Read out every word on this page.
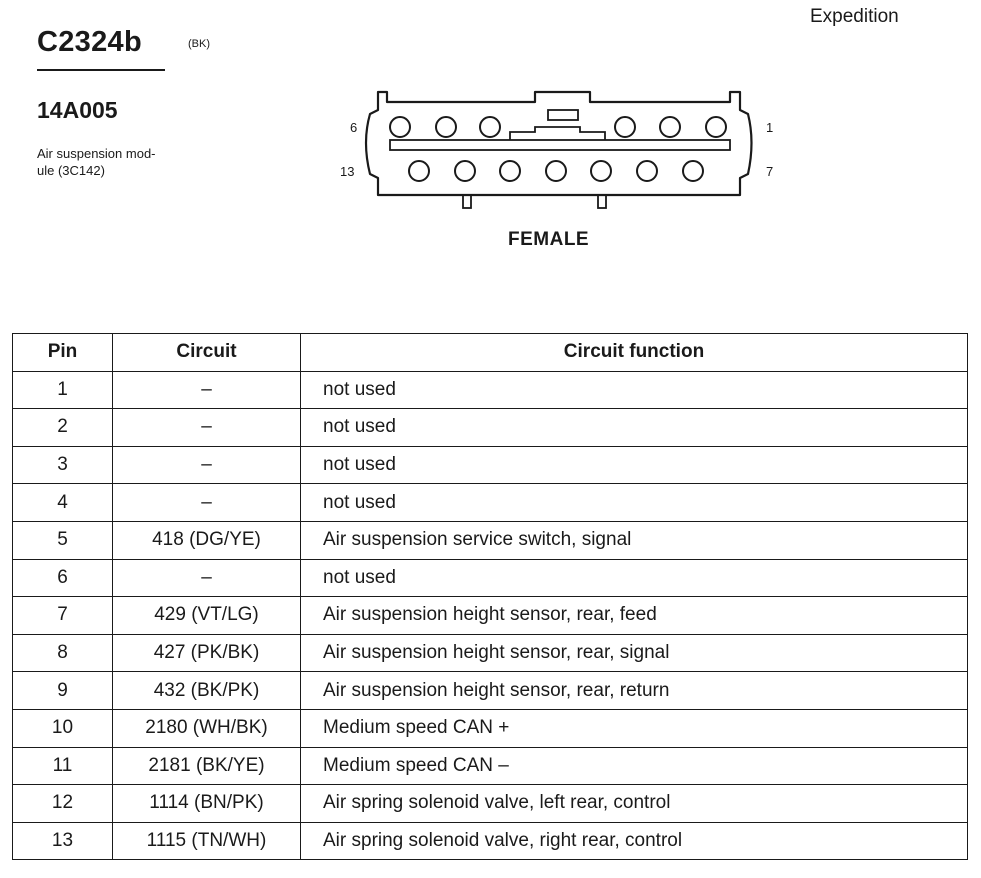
Expedition
C2324b	(BK)
14A005
Air suspension mod-
ule (3C142)
6	1
13	7
FEMALE
Pin	Circuit	Circuit function
1	–	not used
2	–	not used
3	–	not used
4	–	not used
5	418 (DG/YE)	Air suspension service switch, signal
6	–	not used
7	429 (VT/LG)	Air suspension height sensor, rear, feed
8	427 (PK/BK)	Air suspension height sensor, rear, signal
9	432 (BK/PK)	Air suspension height sensor, rear, return
10	2180 (WH/BK)	Medium speed CAN +
11	2181 (BK/YE)	Medium speed CAN –
12	1114 (BN/PK)	Air spring solenoid valve, left rear, control
13	1115 (TN/WH)	Air spring solenoid valve, right rear, control
